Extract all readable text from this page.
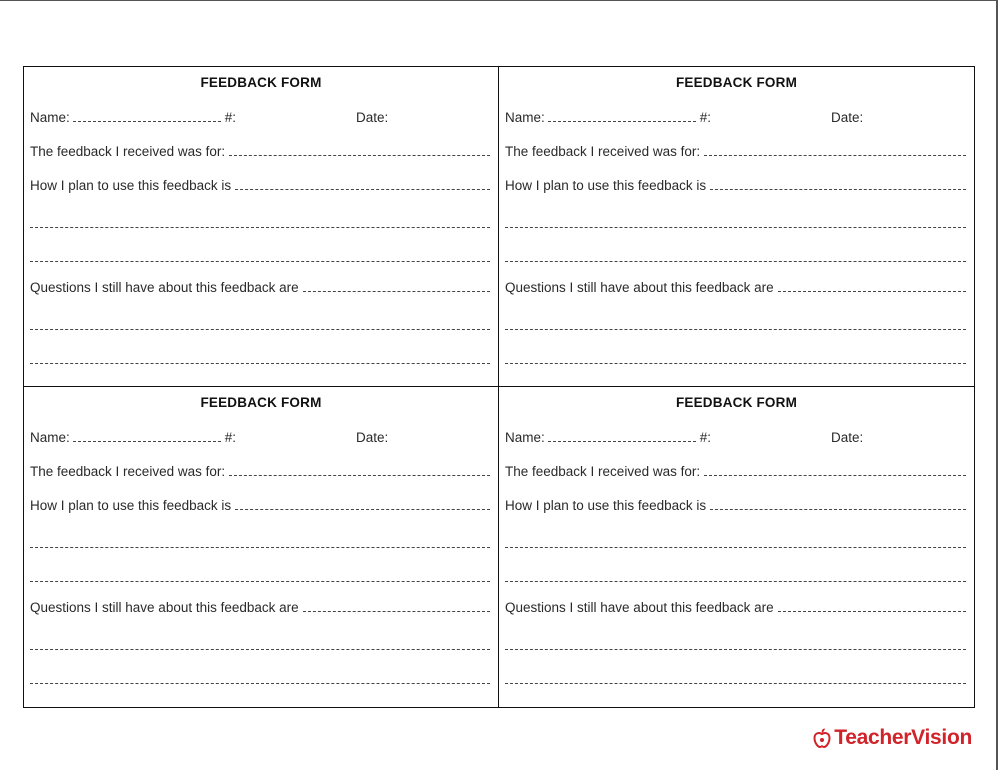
FEEDBACK FORM
Name:	#:	Date:
The feedback I received was for:
How I plan to use this feedback is
Questions I still have about this feedback are
FEEDBACK FORM
Name:	#:	Date:
The feedback I received was for:
How I plan to use this feedback is
Questions I still have about this feedback are
FEEDBACK FORM
Name:	#:	Date:
The feedback I received was for:
How I plan to use this feedback is
Questions I still have about this feedback are
FEEDBACK FORM
Name:	#:	Date:
The feedback I received was for:
How I plan to use this feedback is
Questions I still have about this feedback are
TeacherVision
